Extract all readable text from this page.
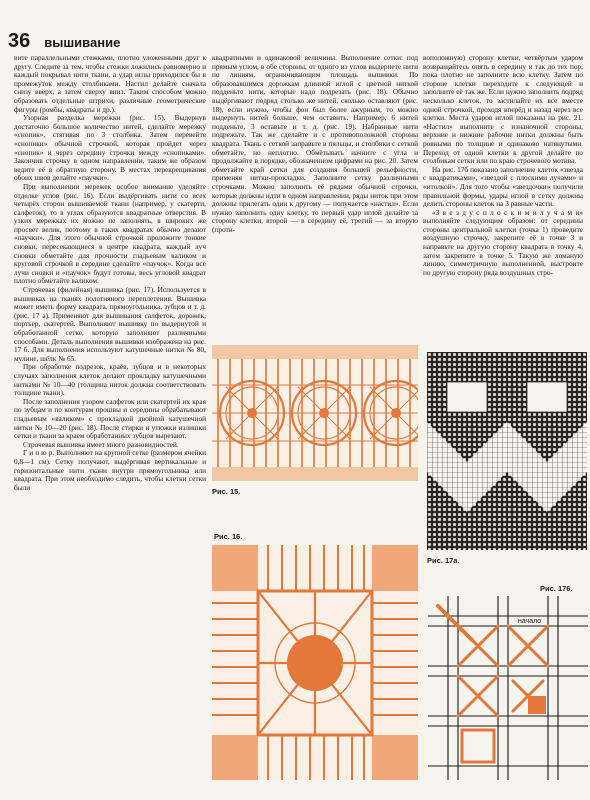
36 вышивание

вите параллельными стежками, плотно уложенными друг к другу. Следите за тем, чтобы стежки ложились равномерно и каждый покрывал нити ткани, а удар иглы приходился бы в промежуток между столбиками. Настил делайте сначала снизу вверх, а затем сверху вниз. Таким способом можно образовать отдельные штрихи, различные геометрические фигуры (ромбы, квадраты и др.).

Узорная разделка мережки (рис. 15). Выдернув достаточно большое количество нитей, сделайте мережку «снопик», стягивая по 3 столбика. Затем перевейте «снопики» обычной строчкой, которая пройдет через «снопик» и через середину строчки между «снопиками». Закончив строчку в одном направлении, таким же образом ведите её в обратную сторону. В местах перекрещивания обоих швов делайте «паучки».

При выполнении мережек особое внимание уделяйте отделке углов (рис. 16). Если выдёргивать нити со всех четырёх сторон вышиваемой ткани (например, у скатерти, салфеток), то в углах образуются квадратные отверстия. В узких мережках их можно не заполнять, в широких же просвет велик, поэтому в таких квадратах обычно делают «паучки». Для этого обычной строчкой проложите тонкие сновки, пересекающиеся в центре квадрата, каждый луч сновки обметайте для прочности гладьевым валиком и круговой строчкой в середине сделайте «паучок». Когда все лучи сновки и «паучок» будут готовы, весь угловой квадрат плотно обметайте валиком.

Строчевая (филейная) вышивка (рис. 17). Используется в вышивках на тканях полотняного переплетения. Вышивка может иметь форму квадрата, прямоугольника, зубцов и т. д. (рис. 17 а). Применяют для вышивания салфеток, дорожек, портьер, скатертей. Выполняют вышивку по выдернутой и обработанной сетке, которую заполняют различными способами. Деталь выполнения вышивки изображена на рис. 17 б. Для выполнения используют катушечные нитки № 80, мулине, шёлк № 65.

При обработке подрезок, краёв, зубцов и в некоторых случаях заполнения клеток делают прокладку катушечными нитками № 10—40 (толщина ниток должна соответствовать толщине ткани).

После заполнения узором салфеток или скатертей их края по зубцам и по контурам прошвы и середины обрабатывают гладьевым «валиком» с прокладкой двойной катушечной нитки № 10—20 (рис. 18). После стирки и утюжки излишки сетки и ткани за краем обработанных зубцов вырезают.

Строчевая вышивка имеет много разновидностей.

Г и п ю р. Выполняют на крупной сетке (размером ячейки 0,8—1 см). Сетку получают, выдёргивая вертикальные и горизонтальные нити ткани внутри прямоугольника или квадрата. При этом необходимо следить, чтобы клетки сетки были

квадратными и одинаковой величины. Выполнение сетки: под прямым углом, в обе стороны, от одного из углов выдернете нити по линиям, ограничивающим площадь вышивки. По образовавшимся дорожкам длинной иглой с цветной ниткой подденьте нити, которые надо подрезать (рис. 18). Обычно выдёргивают подряд столько же нитей, сколько оставляют (рис. 18), если нужно, чтобы фон был более ажурным, то можно выдернуть нитей больше, чем оставить. Например, 6 нитей подденьте, 3 оставьте и т. д. (рис. 19). Набранные нити подрежьте. Так же сделайте и с противоположной стороны квадрата. Ткань с сеткой заправьте в пяльцы, и столбики с сеткой обметайте, но неплотно. Обмётывать начните с угла и продолжайте в порядке, обозначенном цифрами на рис. 20. Затем обметайте край сетки для создания большей рельефности, применяя нитки-прокладки. Заполните сетку различными строчками. Можно заполнить её рядами обычной строчки, которые должны идти в одном направлении, ряды ниток при этом должны прилегать один к другому — получается «настил». Если нужно заполнить одну клетку, то первый удар иглой делайте за сторону клетки, второй — в середину её, третий — за вторую (проти-

воположную) сторону клетки, четвёртым ударом возвращайтесь опять в середину и так до тех пор, пока плотно не заполните всю клетку. Затем по стороне клетки переходите к следующей и заполните её так же. Если нужно заполнить подряд несколько клеток, то застилайте их все вместе одной строчкой, проходя вперёд и назад через все клетки. Места ударов иглой показаны на рис. 21. «Настил» выполните с изнаночной стороны, верхние и нижние рабочие нитки должны быть ровными по толщине и одинаково натянутыми. Переход от одной клетки к другой делайте по столбикам сетки или по краю строчевого мотива.

На рис. 17б показано заполнение клеток «звезда с квадратиками», «звездой с плоскими лучами» и «итолкой». Для того чтобы «звездочки» получили правильной формы, удары иглой в сетку должны делить стороны клеток на 3 равные части.

«З в е з д у с п л о с к и м и л у ч а м и» выполняйте следующим образом: от середины стороны центральной клетки (точка 1) проведите воздушную строчку, закрепите её в точке 3 и направьте на другую сторону квадрата в точку 4, затем закрепите в точке 5. Такую же ломаную линию, симметричную выполненной, выстроите по другую сторону ряда воздушных стро-

Рис. 15.
Рис. 17а.
начало
Рис. 176.
Рис. 16.
